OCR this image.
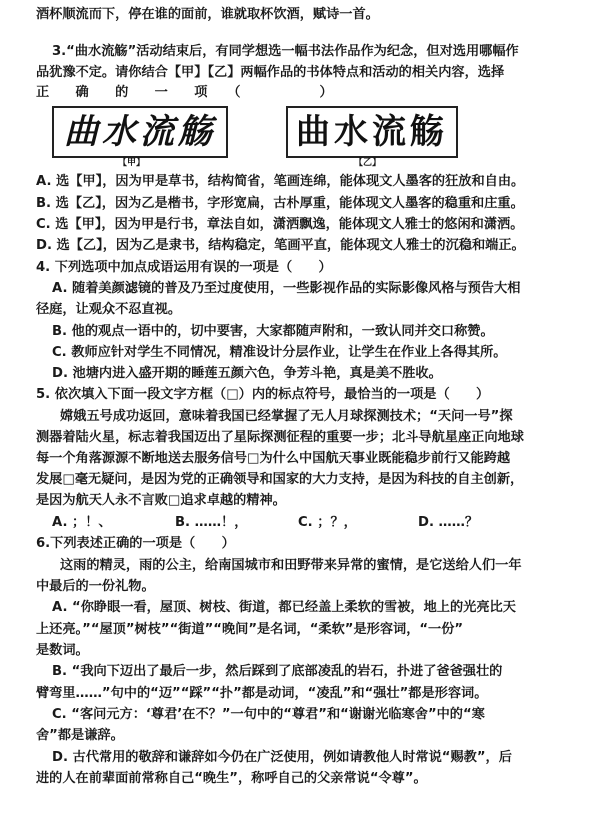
酒杯顺流而下，停在谁的面前，谁就取杯饮酒，赋诗一首。
3.“曲水流觞”活动结束后，有同学想选一幅书法作品作为纪念，但对选用哪幅作
品犹豫不定。请你结合【甲】【乙】两幅作品的书体特点和活动的相关内容，选择
正　　确　　的　　一　　项　　（　　　　　　）
曲水流觞
【甲】
曲水流觞
【乙】
A. 选【甲】，因为甲是草书，结构简省，笔画连绵，能体现文人墨客的狂放和自由。
B. 选【乙】，因为乙是楷书，字形宽扁，古朴厚重，能体现文人墨客的稳重和庄重。
C. 选【甲】，因为甲是行书，章法自如，潇洒飘逸，能体现文人雅士的悠闲和潇洒。
D. 选【乙】，因为乙是隶书，结构稳定，笔画平直，能体现文人雅士的沉稳和端正。
4. 下列选项中加点成语运用有误的一项是（　　）
A. 随着美颜滤镜的普及乃至过度使用，一些影视作品的实际影像风格与预告大相
径庭，让观众不忍直视。
B. 他的观点一语中的，切中要害，大家都随声附和，一致认同并交口称赞。
C. 教师应针对学生不同情况，精准设计分层作业，让学生在作业上各得其所。
D. 池塘内进入盛开期的睡莲五颜六色，争芳斗艳，真是美不胜收。
5. 依次填入下面一段文字方框（□）内的标点符号，最恰当的一项是（　　）
嫦娥五号成功返回，意味着我国已经掌握了无人月球探测技术；“天问一号”探
测器着陆火星，标志着我国迈出了星际探测征程的重要一步；北斗导航星座正向地球
每一个角落源源不断地送去服务信号□为什么中国航天事业既能稳步前行又能跨越
发展□毫无疑问，是因为党的正确领导和国家的大力支持，是因为科技的自主创新，
是因为航天人永不言败□追求卓越的精神。
A. ；！、	B. ……！，	C. ；？，	D. ……？
6.下列表述正确的一项是（　　）
这雨的精灵，雨的公主，给南国城市和田野带来异常的蜜情，是它送给人们一年
中最后的一份礼物。
A. “你睁眼一看，屋顶、树枝、街道，都已经盖上柔软的雪被，地上的光亮比天
上还亮。”“屋顶”树枝”“街道”“晚间”是名词，“柔软”是形容词，“一份”
是数词。
B. “我向下迈出了最后一步，然后踩到了底部凌乱的岩石，扑进了爸爸强壮的
臂弯里……”句中的“迈”“踩”“扑”都是动词，“凌乱”和“强壮”都是形容词。
C. “客问元方：‘尊君’在不？”一句中的“尊君”和“谢谢光临寒舍”中的“寒
舍”都是谦辞。
D. 古代常用的敬辞和谦辞如今仍在广泛使用，例如请教他人时常说“赐教”，后
进的人在前辈面前常称自己“晚生”，称呼自己的父亲常说“令尊”。
